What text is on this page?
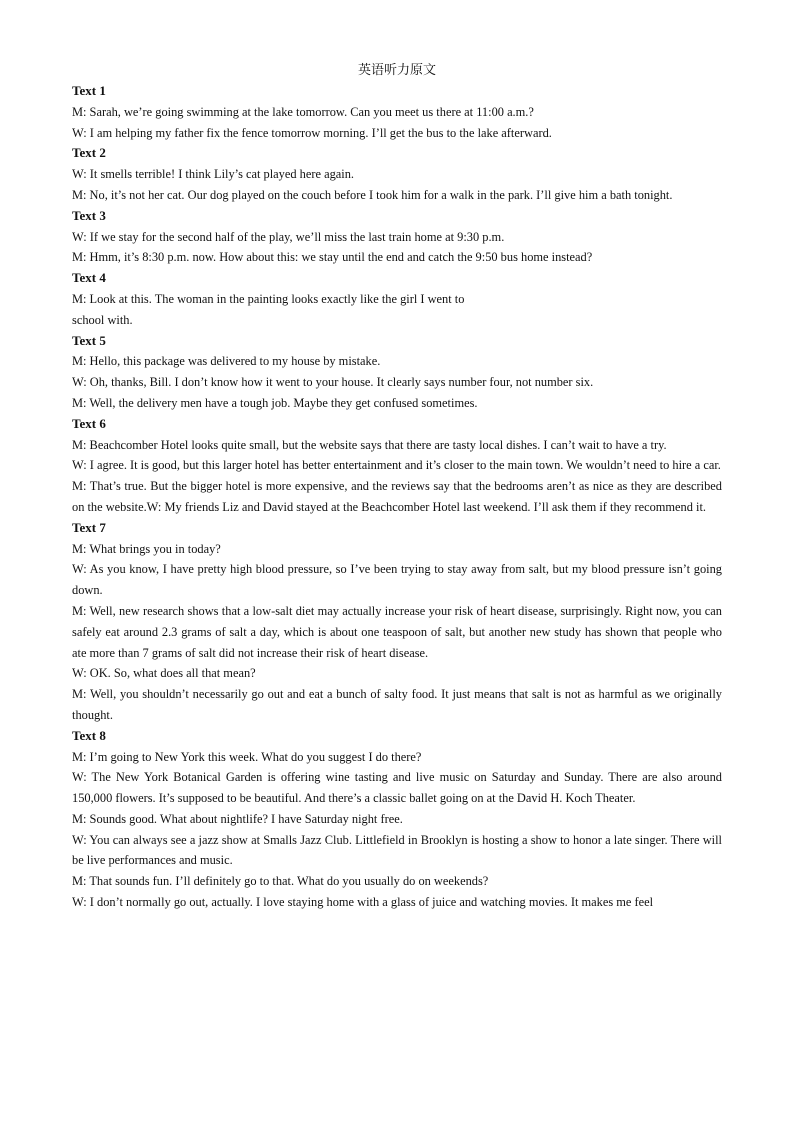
英语听力原文

Text 1

M: Sarah, we’re going swimming at the lake tomorrow. Can you meet us there at 11:00 a.m.?

W: I am helping my father fix the fence tomorrow morning. I’ll get the bus to the lake afterward.

Text 2

W: It smells terrible! I think Lily’s cat played here again.

M: No, it’s not her cat. Our dog played on the couch before I took him for a walk in the park. I’ll give him a bath tonight.

Text 3

W: If we stay for the second half of the play, we’ll miss the last train home at 9:30 p.m.

M: Hmm, it’s 8:30 p.m. now. How about this: we stay until the end and catch the 9:50 bus home instead?

Text 4

M: Look at this. The woman in the painting looks exactly like the girl I went to

school with.

Text 5

M: Hello, this package was delivered to my house by mistake.

W: Oh, thanks, Bill. I don’t know how it went to your house. It clearly says number four, not number six.

M: Well, the delivery men have a tough job. Maybe they get confused sometimes.

Text 6

M: Beachcomber Hotel looks quite small, but the website says that there are tasty local dishes. I can’t wait to have a try.

W: I agree. It is good, but this larger hotel has better entertainment and it’s closer to the main town. We wouldn’t need to hire a car.

M: That’s true. But the bigger hotel is more expensive, and the reviews say that the bedrooms aren’t as nice as they are described on the website.W: My friends Liz and David stayed at the Beachcomber Hotel last weekend. I’ll ask them if they recommend it.

Text 7

M: What brings you in today?

W: As you know, I have pretty high blood pressure, so I’ve been trying to stay away from salt, but my blood pressure isn’t going down.

M: Well, new research shows that a low-salt diet may actually increase your risk of heart disease, surprisingly. Right now, you can safely eat around 2.3 grams of salt a day, which is about one teaspoon of salt, but another new study has shown that people who ate more than 7 grams of salt did not increase their risk of heart disease.

W: OK. So, what does all that mean?

M: Well, you shouldn’t necessarily go out and eat a bunch of salty food. It just means that salt is not as harmful as we originally thought.

Text 8

M: I’m going to New York this week. What do you suggest I do there?

W: The New York Botanical Garden is offering wine tasting and live music on Saturday and Sunday. There are also around 150,000 flowers. It’s supposed to be beautiful. And there’s a classic ballet going on at the David H. Koch Theater.

M: Sounds good. What about nightlife? I have Saturday night free.

W: You can always see a jazz show at Smalls Jazz Club. Littlefield in Brooklyn is hosting a show to honor a late singer. There will be live performances and music.

M: That sounds fun. I’ll definitely go to that. What do you usually do on weekends?

W: I don’t normally go out, actually. I love staying home with a glass of juice and watching movies. It makes me feel
